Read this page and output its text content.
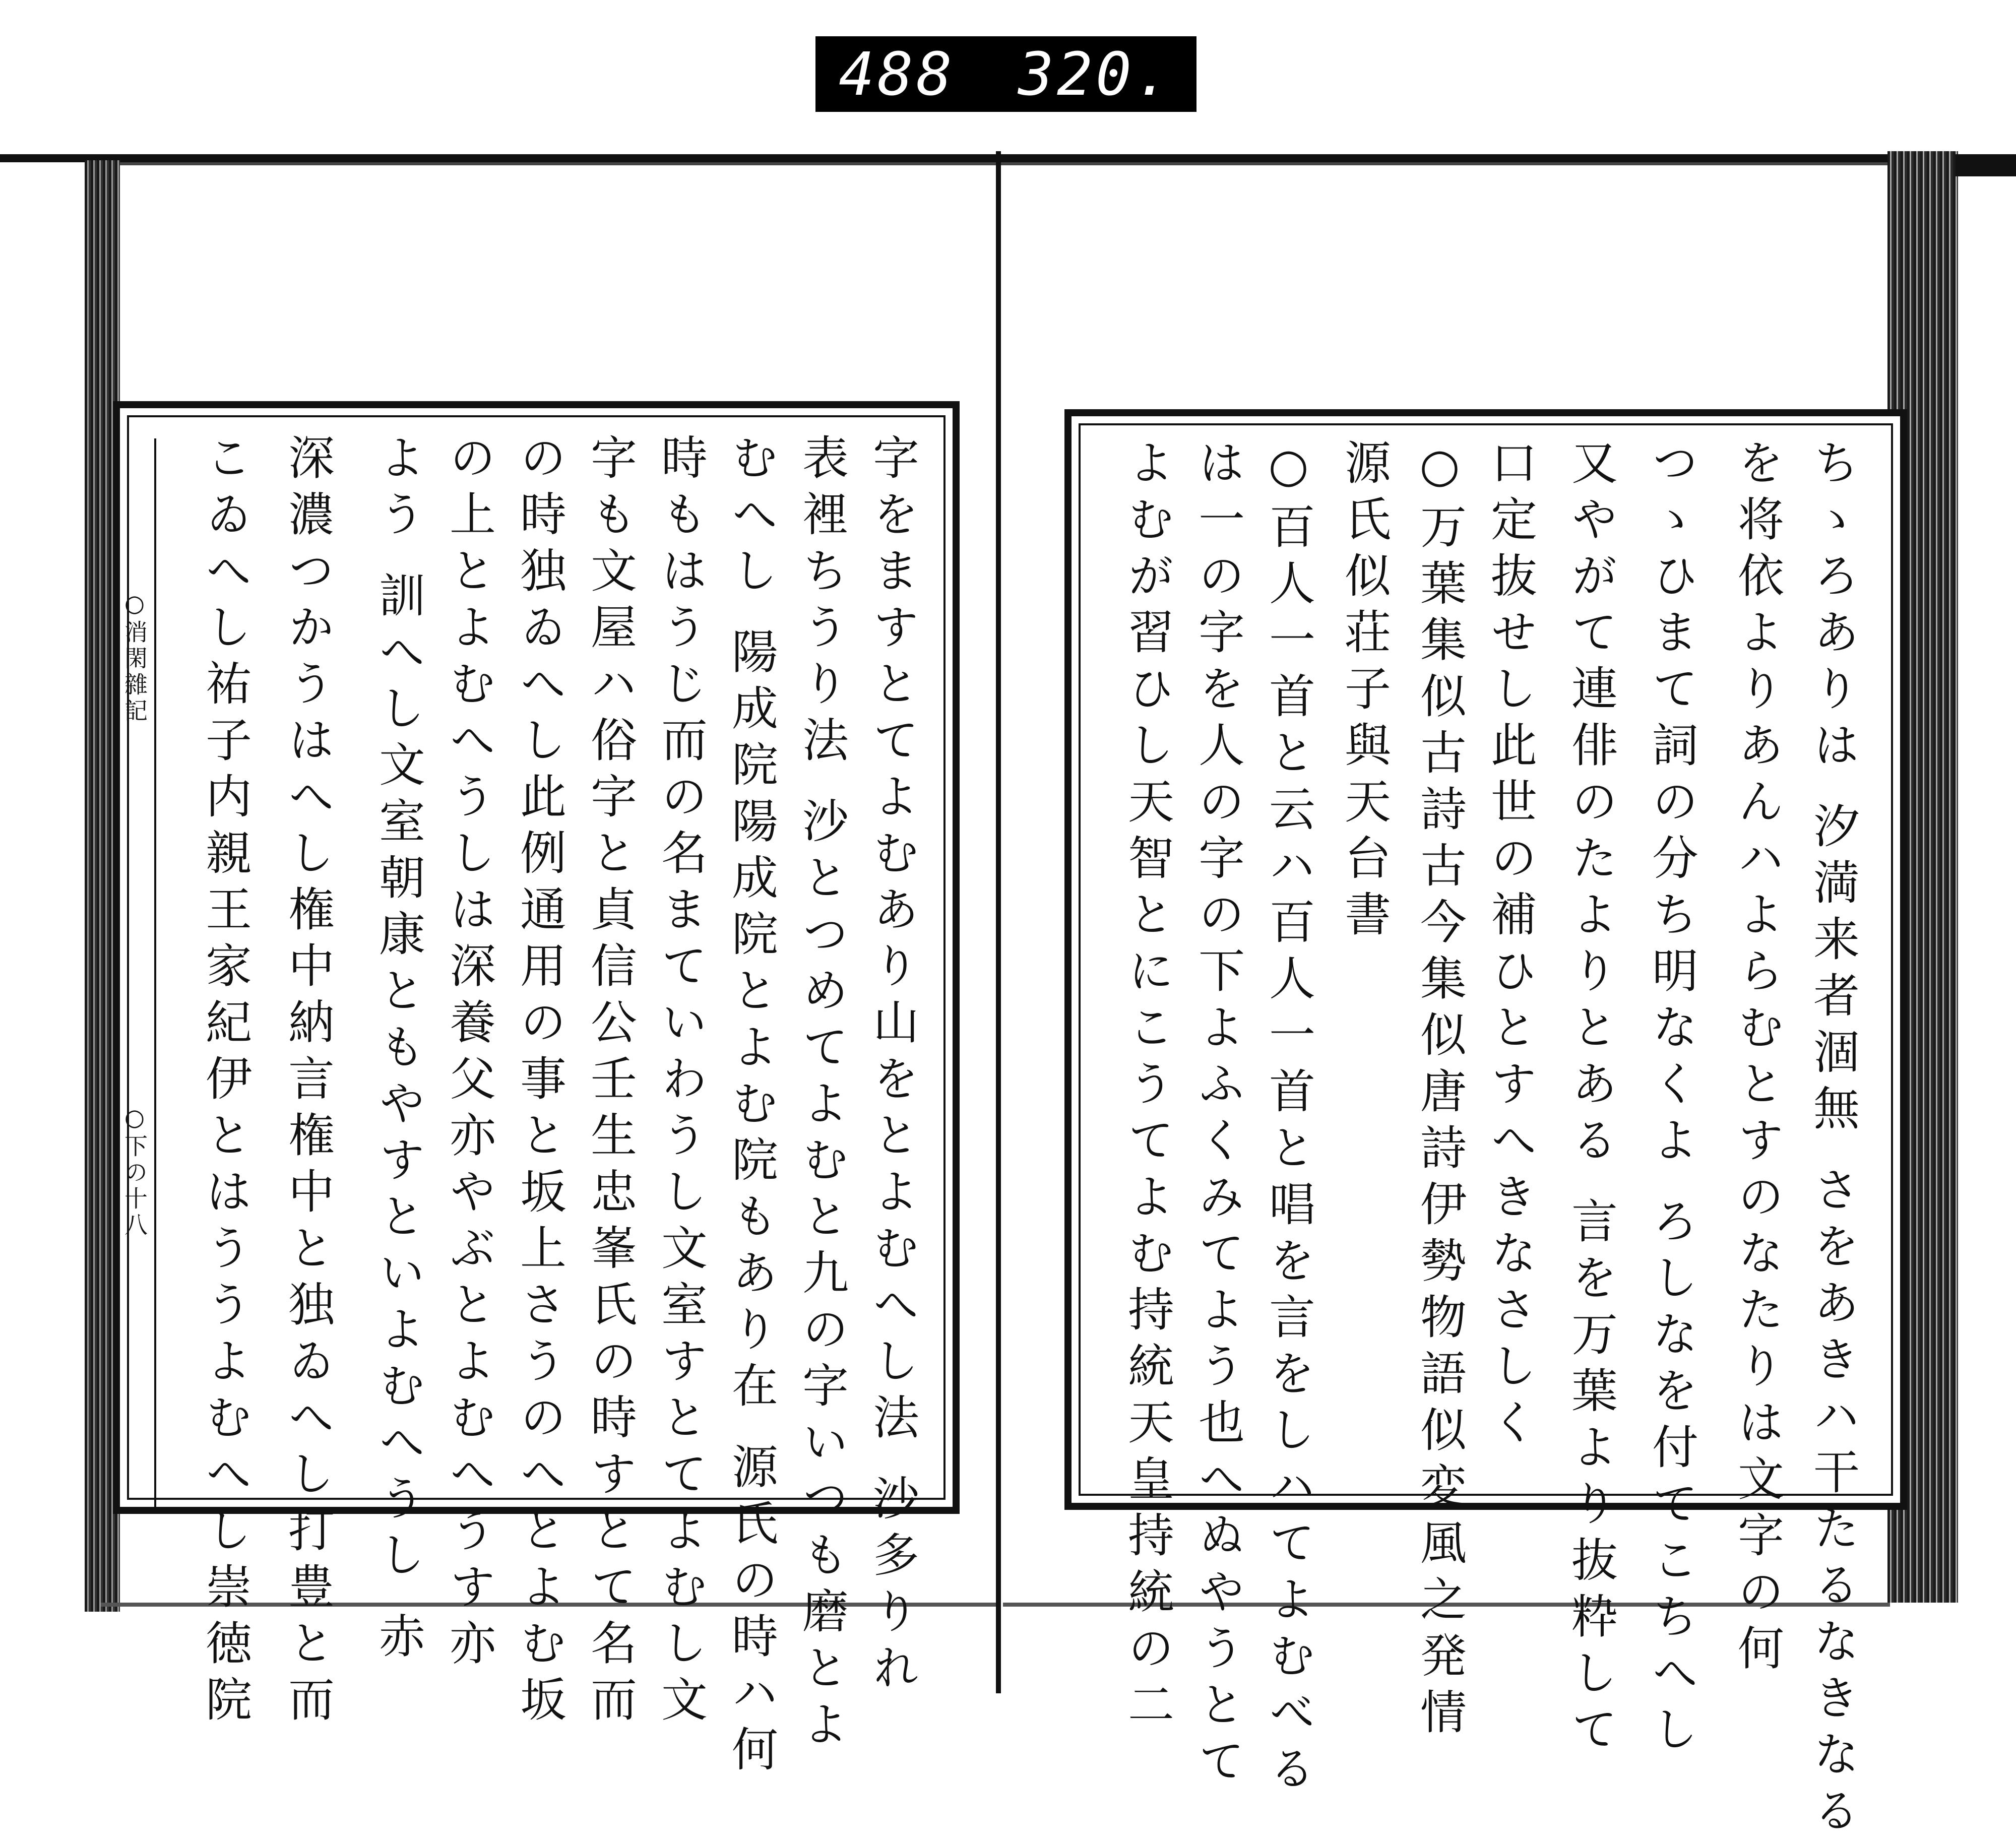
488 320.
字をますとてよむあり山をとよむへし法 沙多りれ
表裡ちうり法 沙とつめてよむと九の字いつも磨とよ
むへし 陽成院陽成院とよむ院もあり在 源氏の時ハ何
時もはうじ而の名まていわうし文室すとてよむし文
字も文屋ハ俗字と貞信公壬生忠峯氏の時すとて名而
の時独ゐへし此例通用の事と坂上さうのへとよむ坂
の上とよむへうしは深養父亦やぶとよむへうす亦
よう 訓へし文室朝康ともやすといよむへうし 赤
深濃つかうはへし権中納言権中と独ゐへし打豊と而
こゐへし祐子内親王家紀伊とはううよむへし崇徳院
○消閑雜記
○下の十八	ちゝろありは 汐満来者涸無 さをあきハ干たるなきなる
を将依よりあんハよらむとすのなたりは文字の何
つゝひまて詞の分ち明なくよ ろしなを付てこちへし
又やがて連俳のたよりとある 言を万葉より抜粋して
口定抜せし此世の補ひとすへきなさしく
○万葉集似古詩古今集似唐詩伊勢物語似変風之発情
源氏似荘子與天台書
○百人一首と云ハ百人一首と唱を言をしハてよむべる
は一の字を人の字の下よふくみてよう也へぬやうとて
よむが習ひし天智とにこうてよむ持統天皇持統の二
